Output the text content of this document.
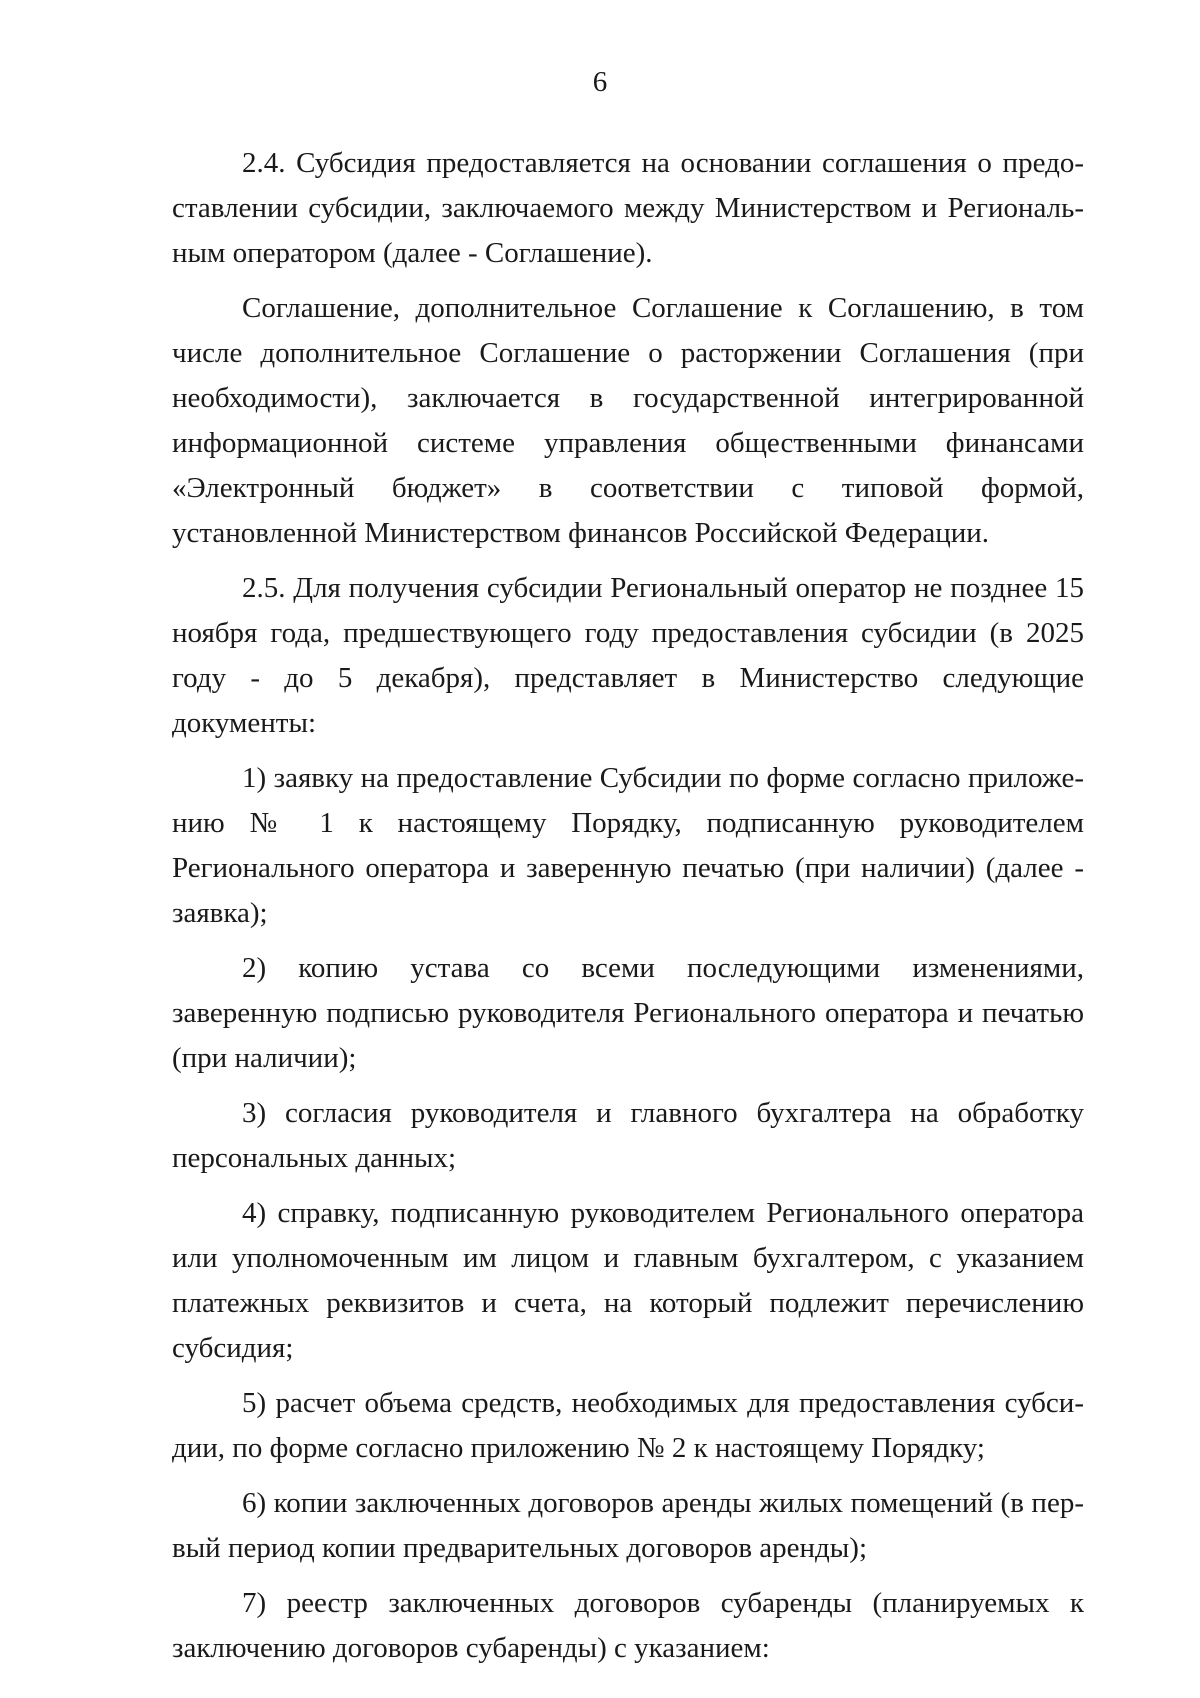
6

2.4. Субсидия предоставляется на основании соглашения о предоставлении субсидии, заключаемого между Министерством и Региональным оператором (далее - Соглашение).

Соглашение, дополнительное Соглашение к Соглашению, в том числе дополнительное Соглашение о расторжении Соглашения (при необходимости), заключается в государственной интегрированной информационной системе управления общественными финансами «Электронный бюджет» в соответствии с типовой формой, установленной Министерством финансов Российской Федерации.

2.5. Для получения субсидии Региональный оператор не позднее 15 ноября года, предшествующего году предоставления субсидии (в 2025 году - до 5 декабря), представляет в Министерство следующие документы:

1) заявку на предоставление Субсидии по форме согласно приложению № 1 к настоящему Порядку, подписанную руководителем Регионального оператора и заверенную печатью (при наличии) (далее - заявка);

2) копию устава со всеми последующими изменениями, заверенную подписью руководителя Регионального оператора и печатью (при наличии);

3) согласия руководителя и главного бухгалтера на обработку персональных данных;

4) справку, подписанную руководителем Регионального оператора или уполномоченным им лицом и главным бухгалтером, с указанием платежных реквизитов и счета, на который подлежит перечислению субсидия;

5) расчет объема средств, необходимых для предоставления субсидии, по форме согласно приложению № 2 к настоящему Порядку;

6) копии заключенных договоров аренды жилых помещений (в первый период копии предварительных договоров аренды);

7) реестр заключенных договоров субаренды (планируемых к заключению договоров субаренды) с указанием:
